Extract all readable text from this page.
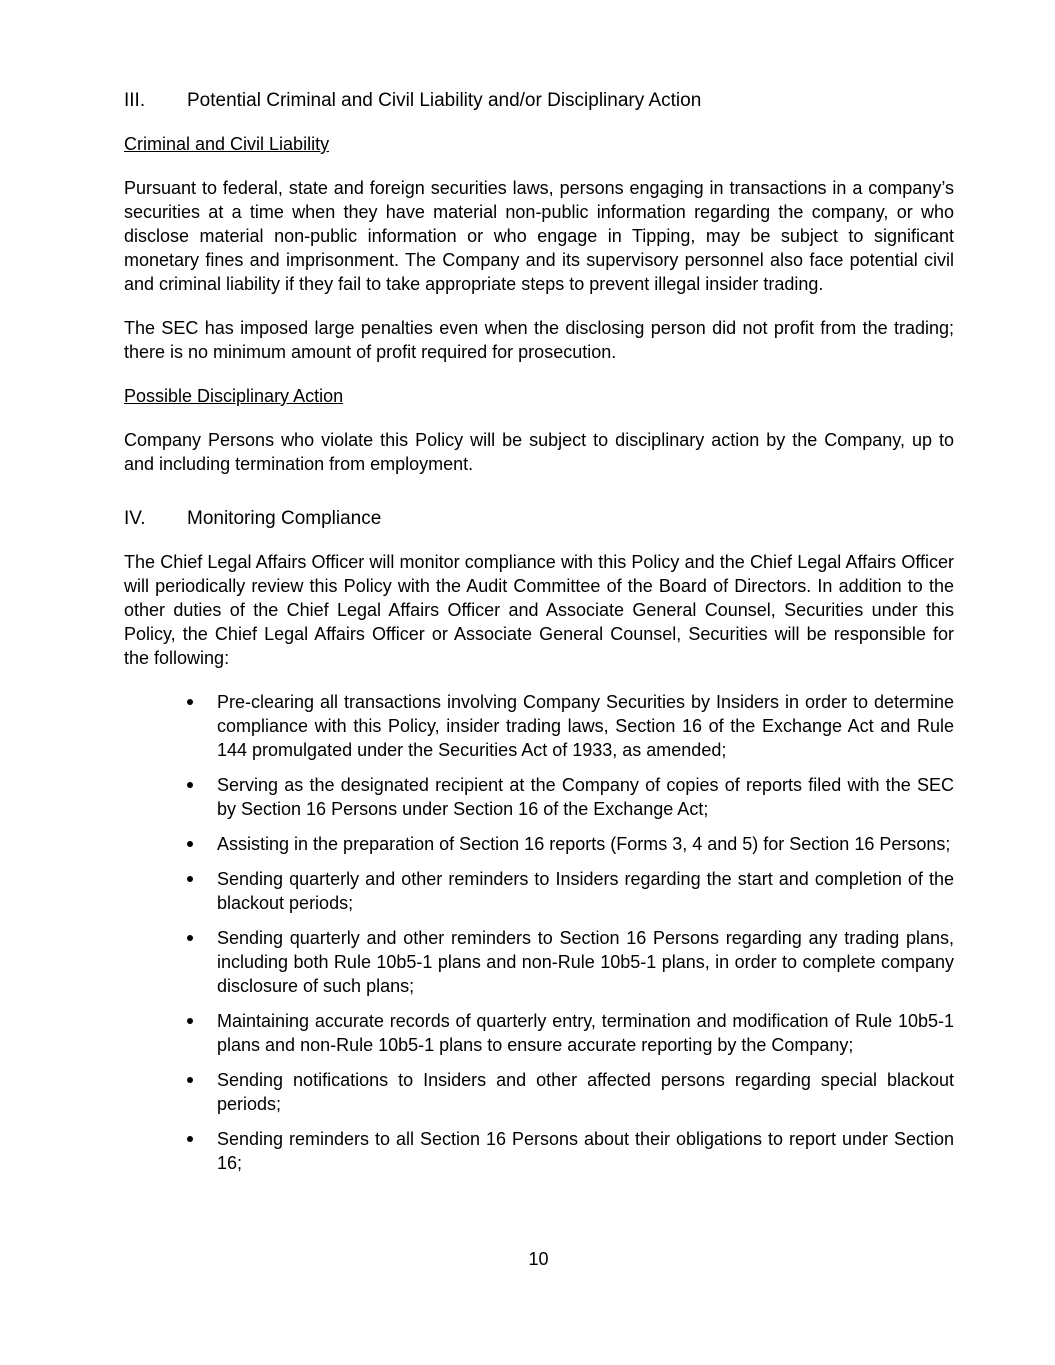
III.	Potential Criminal and Civil Liability and/or Disciplinary Action
Criminal and Civil Liability

Pursuant to federal, state and foreign securities laws, persons engaging in transactions in a company’s securities at a time when they have material non-public information regarding the company, or who disclose material non-public information or who engage in Tipping, may be subject to significant monetary fines and imprisonment. The Company and its supervisory personnel also face potential civil and criminal liability if they fail to take appropriate steps to prevent illegal insider trading.

The SEC has imposed large penalties even when the disclosing person did not profit from the trading; there is no minimum amount of profit required for prosecution.

Possible Disciplinary Action

Company Persons who violate this Policy will be subject to disciplinary action by the Company, up to and including termination from employment.

IV.	Monitoring Compliance

The Chief Legal Affairs Officer will monitor compliance with this Policy and the Chief Legal Affairs Officer will periodically review this Policy with the Audit Committee of the Board of Directors. In addition to the other duties of the Chief Legal Affairs Officer and Associate General Counsel, Securities under this Policy, the Chief Legal Affairs Officer or Associate General Counsel, Securities will be responsible for the following:

Pre-clearing all transactions involving Company Securities by Insiders in order to determine compliance with this Policy, insider trading laws, Section 16 of the Exchange Act and Rule 144 promulgated under the Securities Act of 1933, as amended;
Serving as the designated recipient at the Company of copies of reports filed with the SEC by Section 16 Persons under Section 16 of the Exchange Act;
Assisting in the preparation of Section 16 reports (Forms 3, 4 and 5) for Section 16 Persons;
Sending quarterly and other reminders to Insiders regarding the start and completion of the blackout periods;
Sending quarterly and other reminders to Section 16 Persons regarding any trading plans, including both Rule 10b5-1 plans and non-Rule 10b5-1 plans, in order to complete company disclosure of such plans;
Maintaining accurate records of quarterly entry, termination and modification of Rule 10b5-1 plans and non-Rule 10b5-1 plans to ensure accurate reporting by the Company;
Sending notifications to Insiders and other affected persons regarding special blackout periods;
Sending reminders to all Section 16 Persons about their obligations to report under Section 16;
10
